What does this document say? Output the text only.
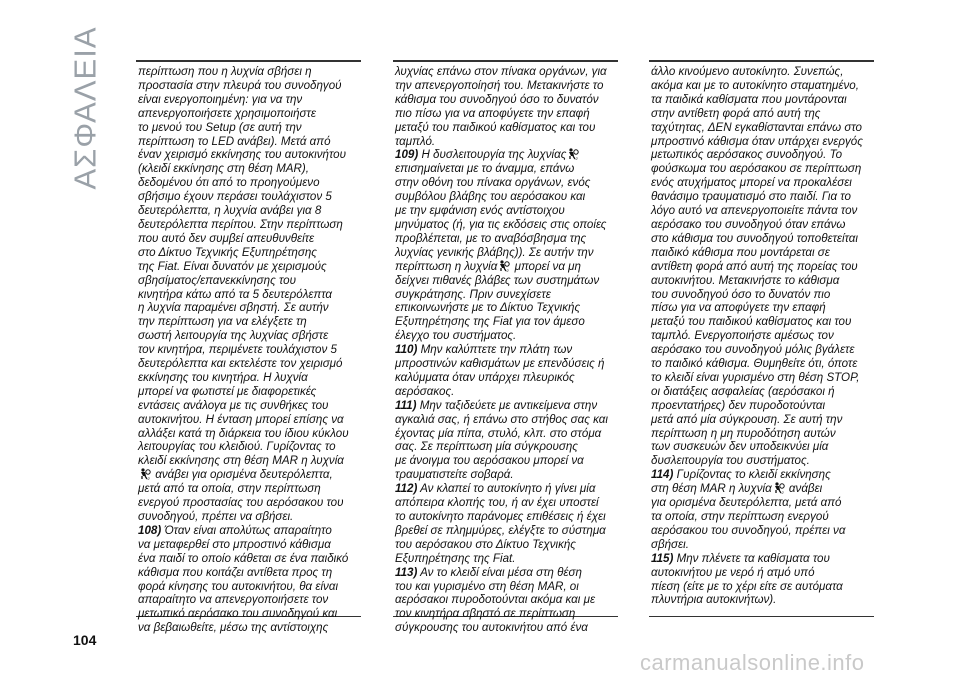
ΑΣΦΑΛΕΙΑ	περίπτωση που η λυχνία σβήσει η
προστασία στην πλευρά του συνοδηγού
είναι ενεργοποιημένη: για να την
απενεργοποιήσετε χρησιμοποιήστε
το μενού του Setup (σε αυτή την
περίπτωση το LED ανάβει). Μετά από
έναν χειρισμό εκκίνησης του αυτοκινήτου
(κλειδί εκκίνησης στη θέση MAR),
δεδομένου ότι από το προηγούμενο
σβήσιμο έχουν περάσει τουλάχιστον 5
δευτερόλεπτα, η λυχνία ανάβει για 8
δευτερόλεπτα περίπου. Στην περίπτωση
που αυτό δεν συμβεί απευθυνθείτε
στο Δίκτυο Τεχνικής Εξυπηρέτησης
της Fiat. Είναι δυνατόν με χειρισμούς
σβησίματος/επανεκκίνησης του
κινητήρα κάτω από τα 5 δευτερόλεπτα
η λυχνία παραμένει σβηστή. Σε αυτήν
την περίπτωση για να ελέγξετε τη
σωστή λειτουργία της λυχνίας σβήστε
τον κινητήρα, περιμένετε τουλάχιστον 5
δευτερόλεπτα και εκτελέστε τον χειρισμό
εκκίνησης του κινητήρα. Η λυχνία
μπορεί να φωτιστεί με διαφορετικές
εντάσεις ανάλογα με τις συνθήκες του
αυτοκινήτου. Η ένταση μπορεί επίσης να
αλλάξει κατά τη διάρκεια του ίδιου κύκλου
λειτουργίας του κλειδιού. Γυρίζοντας το
κλειδί εκκίνησης στη θέση MAR η λυχνία

2 ανάβει για ορισμένα δευτερόλεπτα,
μετά από τα οποία, στην περίπτωση
ενεργού προστασίας του αερόσακου του
συνοδηγού, πρέπει να σβήσει.

108) Όταν είναι απολύτως απαραίτητο
να μεταφερθεί στο μπροστινό κάθισμα
ένα παιδί το οποίο κάθεται σε ένα παιδικό
κάθισμα που κοιτάζει αντίθετα προς τη
φορά κίνησης του αυτοκινήτου, θα είναι
απαραίτητο να απενεργοποιήσετε τον
μετωπικό αερόσακο του συνοδηγού και
να βεβαιωθείτε, μέσω της αντίστοιχης

λυχνίας επάνω στον πίνακα οργάνων, για
την απενεργοποίησή του. Μετακινήστε το
κάθισμα του συνοδηγού όσο το δυνατόν
πιο πίσω για να αποφύγετε την επαφή
μεταξύ του παιδικού καθίσματος και του
ταμπλό.

109) Η δυσλειτουργία της λυχνίας 2

επισημαίνεται με το άναμμα, επάνω
στην οθόνη του πίνακα οργάνων, ενός
συμβόλου βλάβης του αερόσακου και
με την εμφάνιση ενός αντίστοιχου
μηνύματος (ή, για τις εκδόσεις στις οποίες
προβλέπεται, με το αναβόσβησμα της
λυχνίας γενικής βλάβης)). Σε αυτήν την
περίπτωση η λυχνία 2 μπορεί να μη
δείχνει πιθανές βλάβες των συστημάτων
συγκράτησης. Πριν συνεχίσετε
επικοινωνήστε με το Δίκτυο Τεχνικής
Εξυπηρέτησης της Fiat για τον άμεσο
έλεγχο του συστήματος.

110) Μην καλύπτετε την πλάτη των
μπροστινών καθισμάτων με επενδύσεις ή
καλύμματα όταν υπάρχει πλευρικός
αερόσακος.

111) Μην ταξιδεύετε με αντικείμενα στην
αγκαλιά σας, ή επάνω στο στήθος σας και
έχοντας μία πίπα, στυλό, κλπ. στο στόμα
σας. Σε περίπτωση μία σύγκρουσης
με άνοιγμα του αερόσακου μπορεί να
τραυματιστείτε σοβαρά.

112) Αν κλαπεί το αυτοκίνητο ή γίνει μία
απόπειρα κλοπής του, ή αν έχει υποστεί
το αυτοκίνητο παράνομες επιθέσεις ή έχει
βρεθεί σε πλημμύρες, ελέγξτε το σύστημα
του αερόσακου στο Δίκτυο Τεχνικής
Εξυπηρέτησης της Fiat.

113) Αν το κλειδί είναι μέσα στη θέση
του και γυρισμένο στη θέση MAR, οι
αερόσακοι πυροδοτούνται ακόμα και με
τον κινητήρα σβηστό σε περίπτωση
σύγκρουσης του αυτοκινήτου από ένα

άλλο κινούμενο αυτοκίνητο. Συνεπώς,
ακόμα και με το αυτοκίνητο σταματημένο,
τα παιδικά καθίσματα που μοντάρονται
στην αντίθετη φορά από αυτή της
ταχύτητας, ΔΕΝ εγκαθίστανται επάνω στο
μπροστινό κάθισμα όταν υπάρχει ενεργός
μετωπικός αερόσακος συνοδηγού. Το
φούσκωμα του αερόσακου σε περίπτωση
ενός ατυχήματος μπορεί να προκαλέσει
θανάσιμο τραυματισμό στο παιδί. Για το
λόγο αυτό να απενεργοποιείτε πάντα τον
αερόσακο του συνοδηγού όταν επάνω
στο κάθισμα του συνοδηγού τοποθετείται
παιδικό κάθισμα που μοντάρεται σε
αντίθετη φορά από αυτή της πορείας του
αυτοκινήτου. Μετακινήστε το κάθισμα
του συνοδηγού όσο το δυνατόν πιο
πίσω για να αποφύγετε την επαφή
μεταξύ του παιδικού καθίσματος και του
ταμπλό. Ενεργοποιήστε αμέσως τον
αερόσακο του συνοδηγού μόλις βγάλετε
το παιδικό κάθισμα. Θυμηθείτε ότι, όποτε
το κλειδί είναι γυρισμένο στη θέση STOP,
οι διατάξεις ασφαλείας (αερόσακοι ή
προεντατήρες) δεν πυροδοτούνται
μετά από μία σύγκρουση. Σε αυτή την
περίπτωση η μη πυροδότηση αυτών
των συσκευών δεν υποδεικνύει μία
δυσλειτουργία του συστήματος.

114) Γυρίζοντας το κλειδί εκκίνησης
στη θέση MAR η λυχνία 2 ανάβει
για ορισμένα δευτερόλεπτα, μετά από
τα οποία, στην περίπτωση ενεργού
αερόσακου του συνοδηγού, πρέπει να
σβήσει.

115) Μην πλένετε τα καθίσματα του
αυτοκινήτου με νερό ή ατμό υπό
πίεση (είτε με το χέρι είτε σε αυτόματα
πλυντήρια αυτοκινήτων).

104
carmanualsonline.info
